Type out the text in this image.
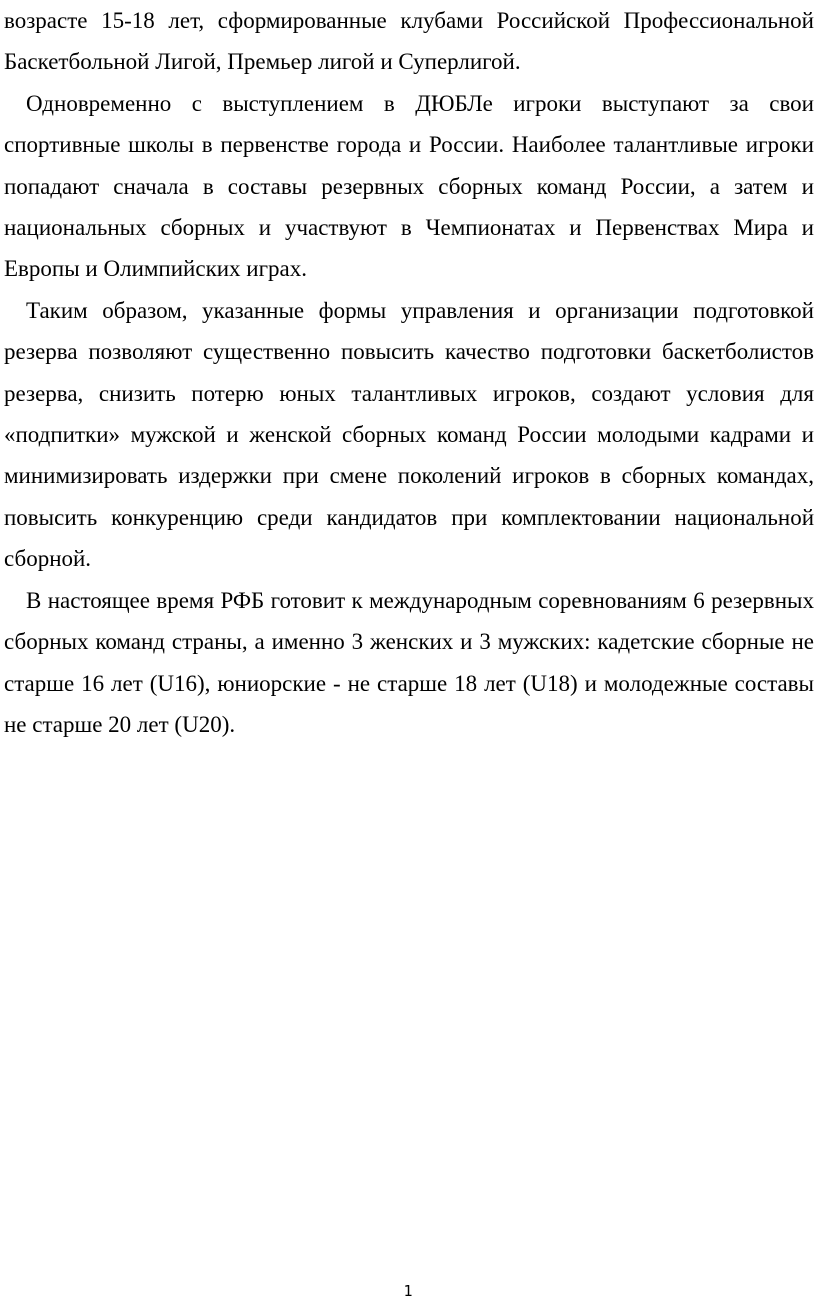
возрасте 15-18 лет, сформированные клубами Российской Профессиональной Баскетбольной Лигой, Премьер лигой и Суперлигой.

Одновременно с выступлением в ДЮБЛе игроки выступают за свои спортивные школы в первенстве города и России. Наиболее талантливые игроки попадают сначала в составы резервных сборных команд России, а затем и национальных сборных и участвуют в Чемпионатах и Первенствах Мира и Европы и Олимпийских играх.

Таким образом, указанные формы управления и организации подготовкой резерва позволяют существенно повысить качество подготовки баскетболистов резерва, снизить потерю юных талантливых игроков, создают условия для «подпитки» мужской и женской сборных команд России молодыми кадрами и минимизировать издержки при смене поколений игроков в сборных командах, повысить конкуренцию среди кандидатов при комплектовании национальной сборной.

В настоящее время РФБ готовит к международным соревнованиям 6 резервных сборных команд страны, а именно 3 женских и 3 мужских: кадетские сборные не старше 16 лет (U16), юниорские - не старше 18 лет (U18) и молодежные составы не старше 20 лет (U20).

1
